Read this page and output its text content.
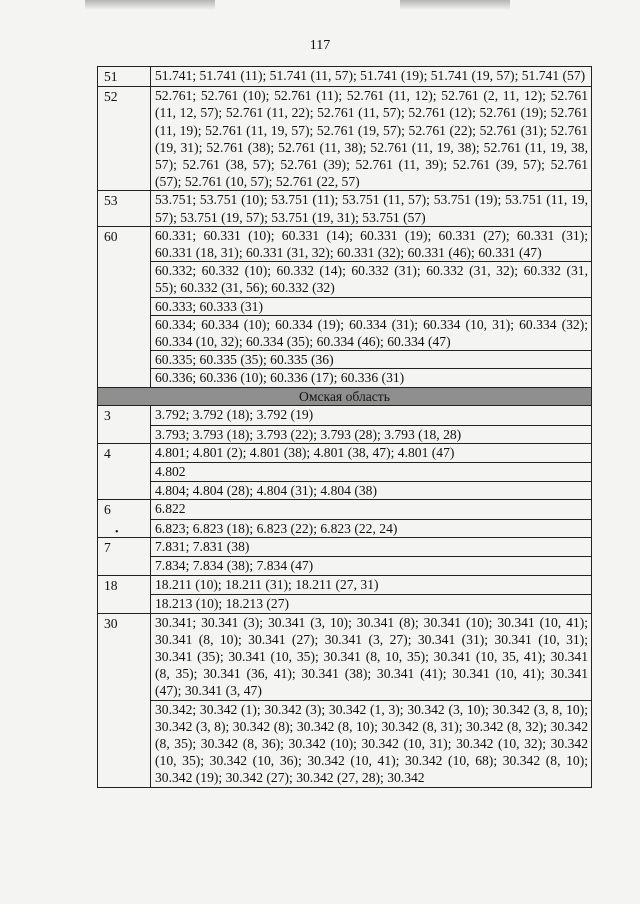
117
51	51.741; 51.741 (11); 51.741 (11, 57); 51.741 (19); 51.741 (19, 57); 51.741 (57)
52	52.761; 52.761 (10); 52.761 (11); 52.761 (11, 12); 52.761 (2, 11, 12); 52.761 (11, 12, 57); 52.761 (11, 22); 52.761 (11, 57); 52.761 (12); 52.761 (19); 52.761 (11, 19); 52.761 (11, 19, 57); 52.761 (19, 57); 52.761 (22); 52.761 (31); 52.761 (19, 31); 52.761 (38); 52.761 (11, 38); 52.761 (11, 19, 38); 52.761 (11, 19, 38, 57); 52.761 (38, 57); 52.761 (39); 52.761 (11, 39); 52.761 (39, 57); 52.761 (57); 52.761 (10, 57); 52.761 (22, 57)
53	53.751; 53.751 (10); 53.751 (11); 53.751 (11, 57); 53.751 (19); 53.751 (11, 19, 57); 53.751 (19, 57); 53.751 (19, 31); 53.751 (57)
60	60.331; 60.331 (10); 60.331 (14); 60.331 (19); 60.331 (27); 60.331 (31); 60.331 (18, 31); 60.331 (31, 32); 60.331 (32); 60.331 (46); 60.331 (47)
	60.332; 60.332 (10); 60.332 (14); 60.332 (31); 60.332 (31, 32); 60.332 (31, 55); 60.332 (31, 56); 60.332 (32)
	60.333; 60.333 (31)
	60.334; 60.334 (10); 60.334 (19); 60.334 (31); 60.334 (10, 31); 60.334 (32); 60.334 (10, 32); 60.334 (35); 60.334 (46); 60.334 (47)
	60.335; 60.335 (35); 60.335 (36)
	60.336; 60.336 (10); 60.336 (17); 60.336 (31)
Омская область	
3	3.792; 3.792 (18); 3.792 (19)
	3.793; 3.793 (18); 3.793 (22); 3.793 (28); 3.793 (18, 28)
4	4.801; 4.801 (2); 4.801 (38); 4.801 (38, 47); 4.801 (47)
	4.802
	4.804; 4.804 (28); 4.804 (31); 4.804 (38)
6	6.822
	6.823; 6.823 (18); 6.823 (22); 6.823 (22, 24)
7	7.831; 7.831 (38)
	7.834; 7.834 (38); 7.834 (47)
18	18.211 (10); 18.211 (31); 18.211 (27, 31)
	18.213 (10); 18.213 (27)
30	30.341; 30.341 (3); 30.341 (3, 10); 30.341 (8); 30.341 (10); 30.341 (10, 41); 30.341 (8, 10); 30.341 (27); 30.341 (3, 27); 30.341 (31); 30.341 (10, 31); 30.341 (35); 30.341 (10, 35); 30.341 (8, 10, 35); 30.341 (10, 35, 41); 30.341 (8, 35); 30.341 (36, 41); 30.341 (38); 30.341 (41); 30.341 (10, 41); 30.341 (47); 30.341 (3, 47)
	30.342; 30.342 (1); 30.342 (3); 30.342 (1, 3); 30.342 (3, 10); 30.342 (3, 8, 10); 30.342 (3, 8); 30.342 (8); 30.342 (8, 10); 30.342 (8, 31); 30.342 (8, 32); 30.342 (8, 35); 30.342 (8, 36); 30.342 (10); 30.342 (10, 31); 30.342 (10, 32); 30.342 (10, 35); 30.342 (10, 36); 30.342 (10, 41); 30.342 (10, 68); 30.342 (8, 10); 30.342 (19); 30.342 (27); 30.342 (27, 28); 30.342
•
